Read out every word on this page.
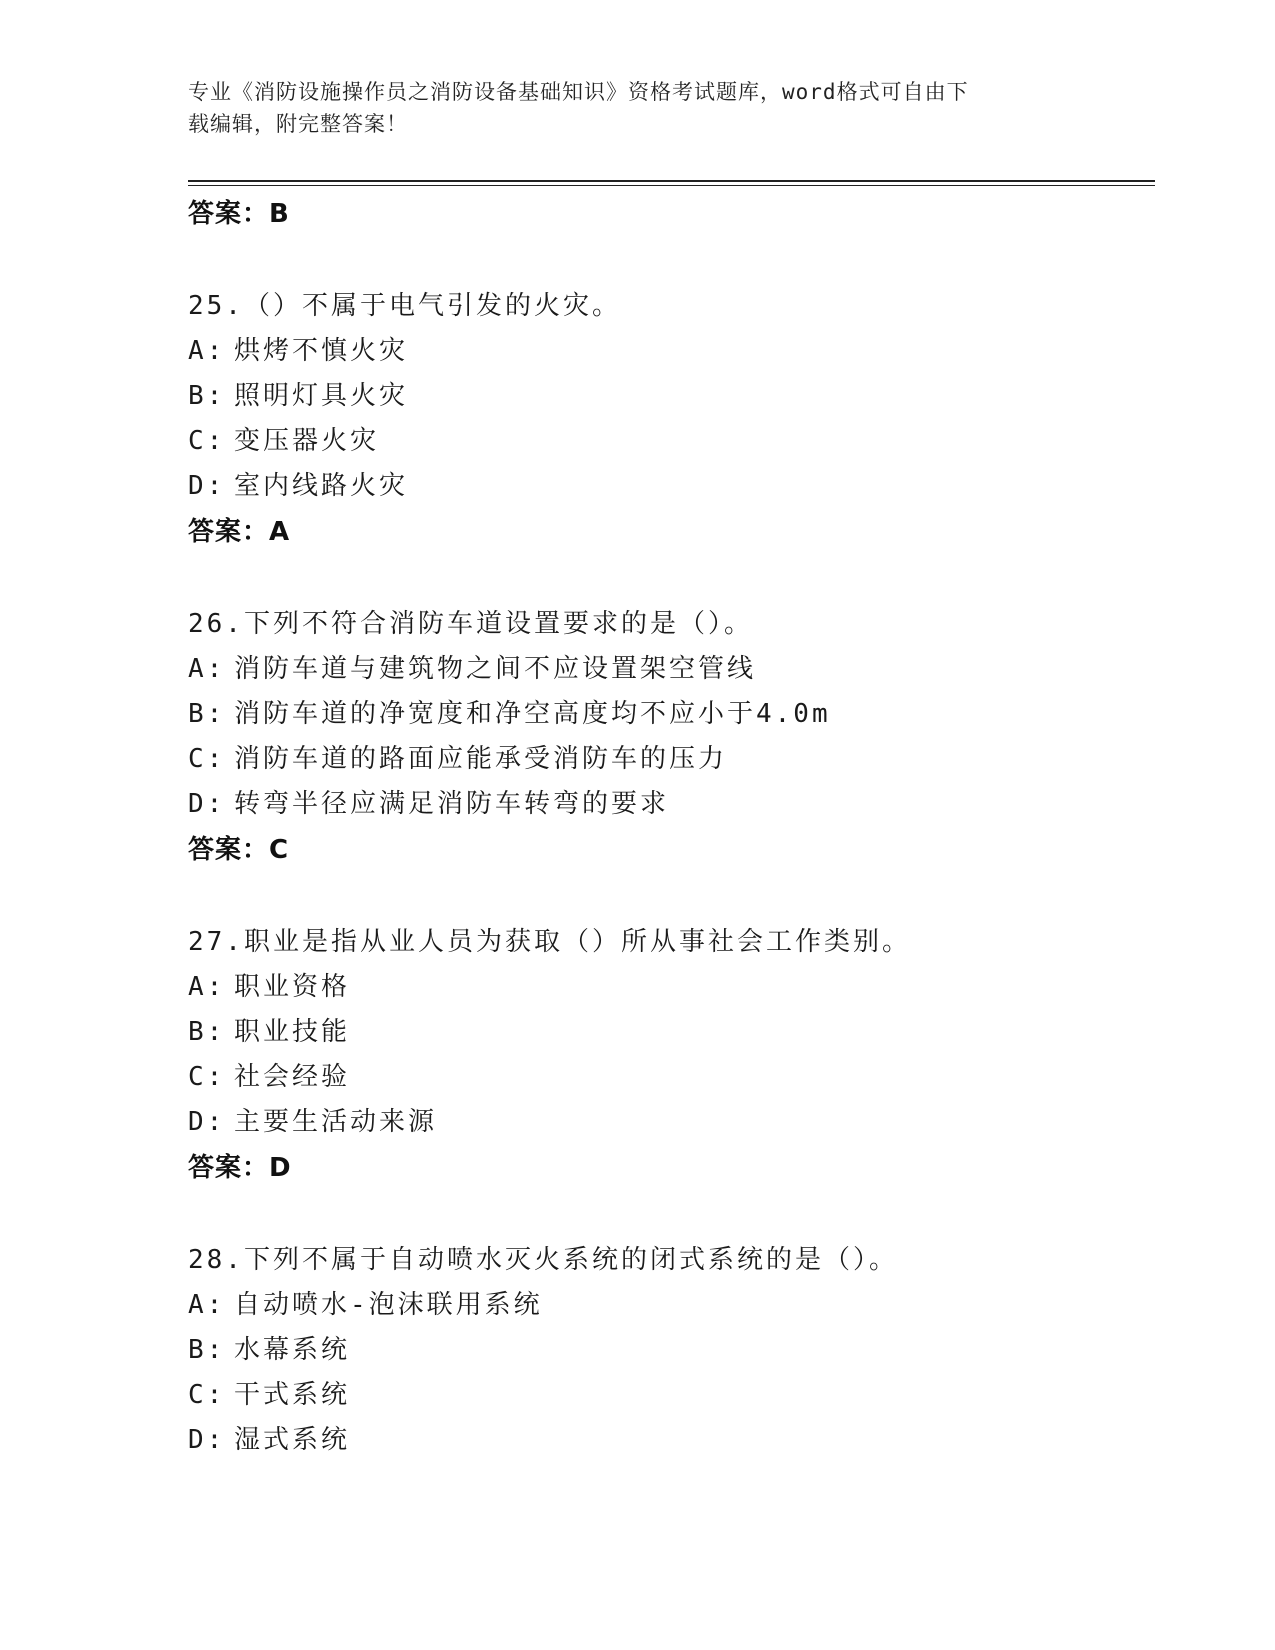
专业《消防设施操作员之消防设备基础知识》资格考试题库，word格式可自由下
载编辑，附完整答案！
答案：B
25.（）不属于电气引发的火灾。
A: 烘烤不慎火灾
B: 照明灯具火灾
C: 变压器火灾
D: 室内线路火灾
答案：A
26.下列不符合消防车道设置要求的是（）。
A: 消防车道与建筑物之间不应设置架空管线
B: 消防车道的净宽度和净空高度均不应小于4.0m
C: 消防车道的路面应能承受消防车的压力
D: 转弯半径应满足消防车转弯的要求
答案：C
27.职业是指从业人员为获取（）所从事社会工作类别。
A: 职业资格
B: 职业技能
C: 社会经验
D: 主要生活动来源
答案：D
28.下列不属于自动喷水灭火系统的闭式系统的是（）。
A: 自动喷水-泡沫联用系统
B: 水幕系统
C: 干式系统
D: 湿式系统
